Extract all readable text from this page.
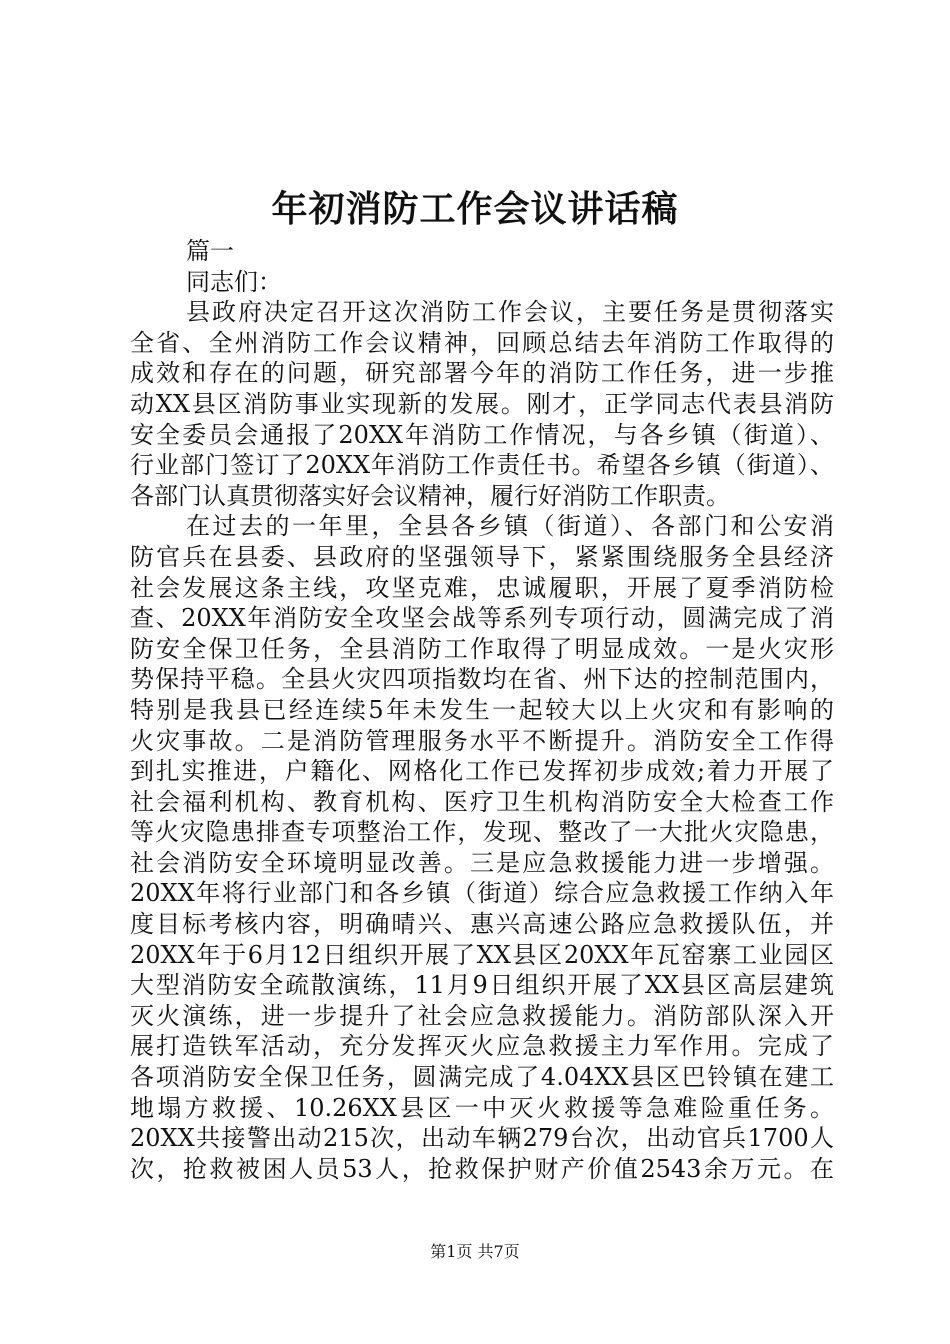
年初消防工作会议讲话稿
篇一
同志们：
县政府决定召开这次消防工作会议，主要任务是贯彻落实
全省、全州消防工作会议精神，回顾总结去年消防工作取得的
成效和存在的问题，研究部署今年的消防工作任务，进一步推
动XX县区消防事业实现新的发展。刚才，正学同志代表县消防
安全委员会通报了20XX年消防工作情况，与各乡镇（街道）、
行业部门签订了20XX年消防工作责任书。希望各乡镇（街道）、
各部门认真贯彻落实好会议精神，履行好消防工作职责。
在过去的一年里，全县各乡镇（街道）、各部门和公安消
防官兵在县委、县政府的坚强领导下，紧紧围绕服务全县经济
社会发展这条主线，攻坚克难，忠诚履职，开展了夏季消防检
查、20XX年消防安全攻坚会战等系列专项行动，圆满完成了消
防安全保卫任务，全县消防工作取得了明显成效。一是火灾形
势保持平稳。全县火灾四项指数均在省、州下达的控制范围内，
特别是我县已经连续5年未发生一起较大以上火灾和有影响的
火灾事故。二是消防管理服务水平不断提升。消防安全工作得
到扎实推进，户籍化、网格化工作已发挥初步成效;着力开展了
社会福利机构、教育机构、医疗卫生机构消防安全大检查工作
等火灾隐患排查专项整治工作，发现、整改了一大批火灾隐患，
社会消防安全环境明显改善。三是应急救援能力进一步增强。
20XX年将行业部门和各乡镇（街道）综合应急救援工作纳入年
度目标考核内容，明确晴兴、惠兴高速公路应急救援队伍，并
20XX年于6月12日组织开展了XX县区20XX年瓦窑寨工业园区
大型消防安全疏散演练，11月9日组织开展了XX县区高层建筑
灭火演练，进一步提升了社会应急救援能力。消防部队深入开
展打造铁军活动，充分发挥灭火应急救援主力军作用。完成了
各项消防安全保卫任务，圆满完成了4.04XX县区巴铃镇在建工
地塌方救援、10.26XX县区一中灭火救援等急难险重任务。
20XX共接警出动215次，出动车辆279台次，出动官兵1700人
次，抢救被困人员53人，抢救保护财产价值2543余万元。在
第1页 共7页
